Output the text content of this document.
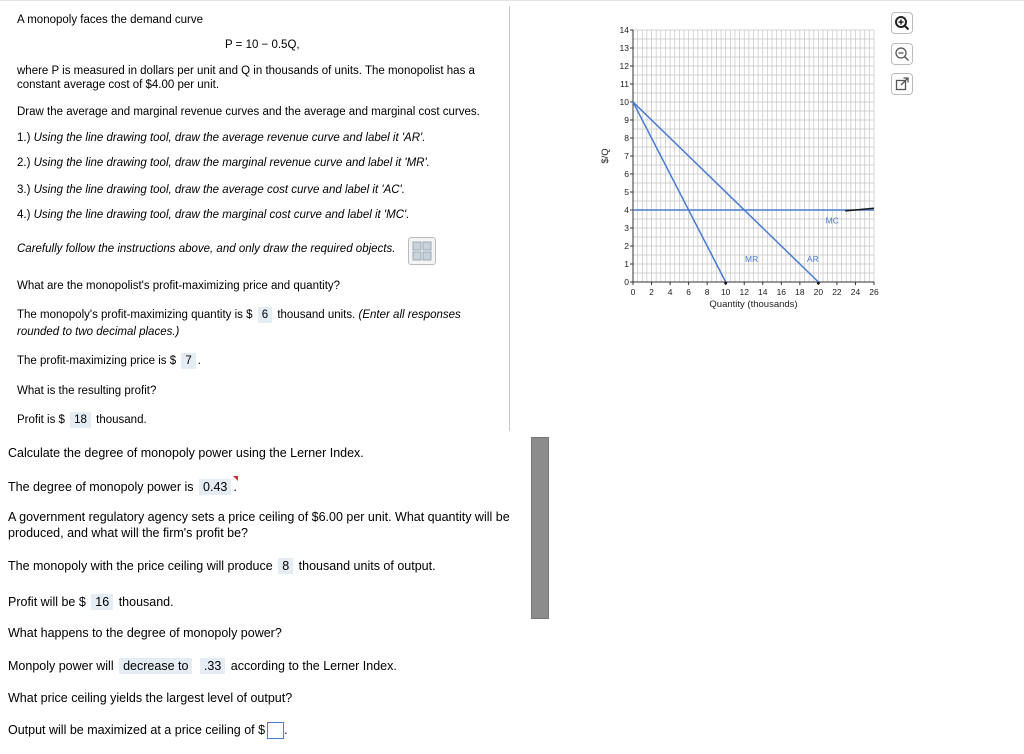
A monopoly faces the demand curve
P = 10 − 0.5Q,
where P is measured in dollars per unit and Q in thousands of units. The monopolist has a
constant average cost of $4.00 per unit.
Draw the average and marginal revenue curves and the average and marginal cost curves.
1.) Using the line drawing tool, draw the average revenue curve and label it 'AR'.
2.) Using the line drawing tool, draw the marginal revenue curve and label it 'MR'.
3.) Using the line drawing tool, draw the average cost curve and label it 'AC'.
4.) Using the line drawing tool, draw the marginal cost curve and label it 'MC'.
Carefully follow the instructions above, and only draw the required objects.
What are the monopolist's profit-maximizing price and quantity?
The monopoly's profit-maximizing quantity is $ 6 thousand units. (Enter all responses
rounded to two decimal places.)
The profit-maximizing price is $ 7 .
What is the resulting profit?
Profit is $ 18 thousand.
Calculate the degree of monopoly power using the Lerner Index.
The degree of monopoly power is 0.43 .
A government regulatory agency sets a price ceiling of $6.00 per unit. What quantity will be
produced, and what will the firm's profit be?
The monopoly with the price ceiling will produce 8 thousand units of output.
Profit will be $ 16 thousand.
What happens to the degree of monopoly power?
Monpoly power will decrease to .33 according to the Lerner Index.
What price ceiling yields the largest level of output?
Output will be maximized at a price ceiling of $ .
0
1
2
3
4
5
6
7
8
9
10
11
12
13
14
0 2 4 6 8 10 12 14 16 18 20 22 24 26
Quantity (thousands)
$/Q
MR	AR
MC
